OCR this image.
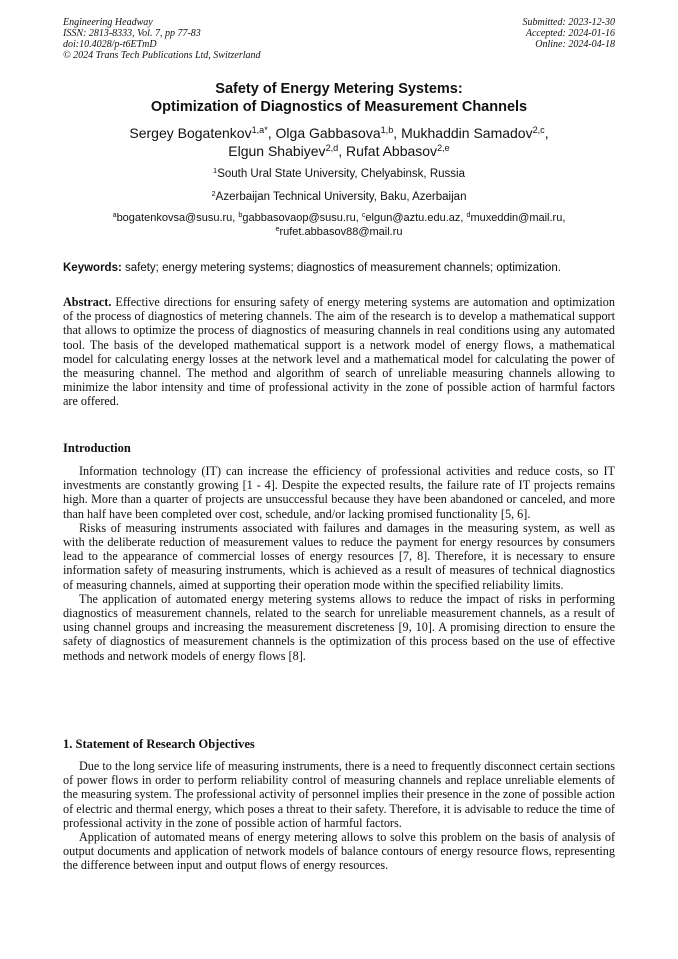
Engineering Headway
ISSN: 2813-8333, Vol. 7, pp 77-83
doi:10.4028/p-t6ETmD
© 2024 Trans Tech Publications Ltd, Switzerland
Submitted: 2023-12-30
Accepted: 2024-01-16
Online: 2024-04-18
Safety of Energy Metering Systems:
Optimization of Diagnostics of Measurement Channels
Sergey Bogatenkov$^{1,a*}$, Olga Gabbasova$^{1,b}$, Mukhaddin Samadov$^{2,c}$,
Elgun Shabiyev$^{2,d}$, Rufat Abbasov$^{2,e}$
$^1$South Ural State University, Chelyabinsk, Russia
$^2$Azerbaijan Technical University, Baku, Azerbaijan
$^a$bogatenkovsa@susu.ru, $^b$gabbasovaop@susu.ru, $^c$elgun@aztu.edu.az, $^d$muxeddin@mail.ru,
$^e$rufet.abbasov88@mail.ru
Keywords: safety; energy metering systems; diagnostics of measurement channels; optimization.

Abstract. Effective directions for ensuring safety of energy metering systems are automation and optimization of the process of diagnostics of metering channels. The aim of the research is to develop a mathematical support that allows to optimize the process of diagnostics of measuring channels in real conditions using any automated tool. The basis of the developed mathematical support is a network model of energy flows, a mathematical model for calculating energy losses at the network level and a mathematical model for calculating the power of the measuring channel. The method and algorithm of search of unreliable measuring channels allowing to minimize the labor intensity and time of professional activity in the zone of possible action of harmful factors are offered.

Introduction

Information technology (IT) can increase the efficiency of professional activities and reduce costs, so IT investments are constantly growing [1 - 4]. Despite the expected results, the failure rate of IT projects remains high. More than a quarter of projects are unsuccessful because they have been abandoned or canceled, and more than half have been completed over cost, schedule, and/or lacking promised functionality [5, 6].

Risks of measuring instruments associated with failures and damages in the measuring system, as well as with the deliberate reduction of measurement values to reduce the payment for energy resources by consumers lead to the appearance of commercial losses of energy resources [7, 8]. Therefore, it is necessary to ensure information safety of measuring instruments, which is achieved as a result of measures of technical diagnostics of measuring channels, aimed at supporting their operation mode within the specified reliability limits.

The application of automated energy metering systems allows to reduce the impact of risks in performing diagnostics of measurement channels, related to the search for unreliable measurement channels, as a result of using channel groups and increasing the measurement discreteness [9, 10]. A promising direction to ensure the safety of diagnostics of measurement channels is the optimization of this process based on the use of effective methods and network models of energy flows [8].

1. Statement of Research Objectives

Due to the long service life of measuring instruments, there is a need to frequently disconnect certain sections of power flows in order to perform reliability control of measuring channels and replace unreliable elements of the measuring system. The professional activity of personnel implies their presence in the zone of possible action of electric and thermal energy, which poses a threat to their safety. Therefore, it is advisable to reduce the time of professional activity in the zone of possible action of harmful factors.

Application of automated means of energy metering allows to solve this problem on the basis of analysis of output documents and application of network models of balance contours of energy resource flows, representing the difference between input and output flows of energy resources.
